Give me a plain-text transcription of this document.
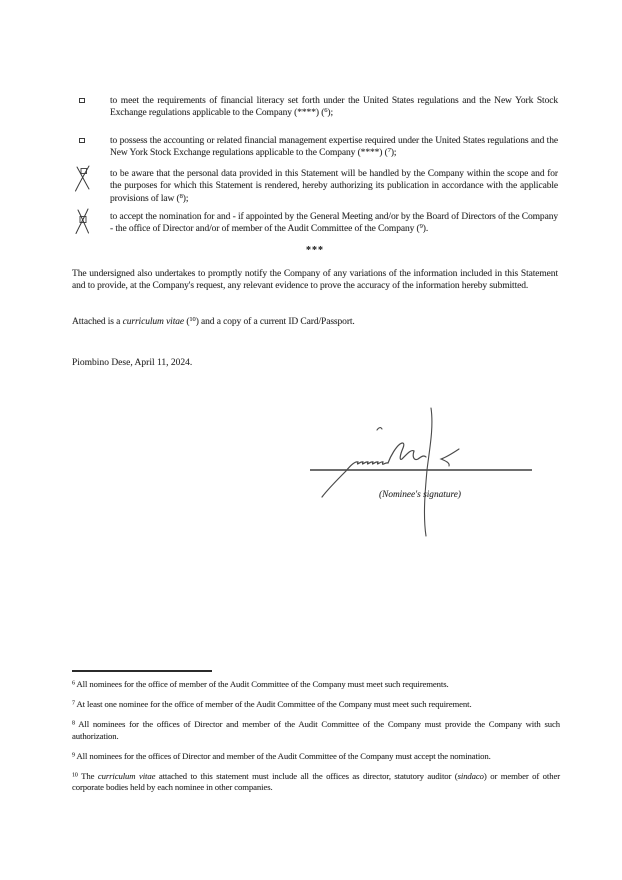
to meet the requirements of financial literacy set forth under the United States regulations and the New York Stock Exchange regulations applicable to the Company (****) ($^6$);

to possess the accounting or related financial management expertise required under the United States regulations and the New York Stock Exchange regulations applicable to the Company (****) ($^7$);

to be aware that the personal data provided in this Statement will be handled by the Company within the scope and for the purposes for which this Statement is rendered, hereby authorizing its publication in accordance with the applicable provisions of law ($^8$);

to accept the nomination for and - if appointed by the General Meeting and/or by the Board of Directors of the Company - the office of Director and/or of member of the Audit Committee of the Company ($^9$).

***

The undersigned also undertakes to promptly notify the Company of any variations of the information included in this Statement and to provide, at the Company's request, any relevant evidence to prove the accuracy of the information hereby submitted.

Attached is a curriculum vitae ($^{10}$) and a copy of a current ID Card/Passport.

Piombino Dese, April 11, 2024.

(Nominee's signature)

$^6$ All nominees for the office of member of the Audit Committee of the Company must meet such requirements.

$^7$ At least one nominee for the office of member of the Audit Committee of the Company must meet such requirement.

$^8$ All nominees for the offices of Director and member of the Audit Committee of the Company must provide the Company with such authorization.

$^9$ All nominees for the offices of Director and member of the Audit Committee of the Company must accept the nomination.

$^{10}$ The curriculum vitae attached to this statement must include all the offices as director, statutory auditor (sindaco) or member of other corporate bodies held by each nominee in other companies.
